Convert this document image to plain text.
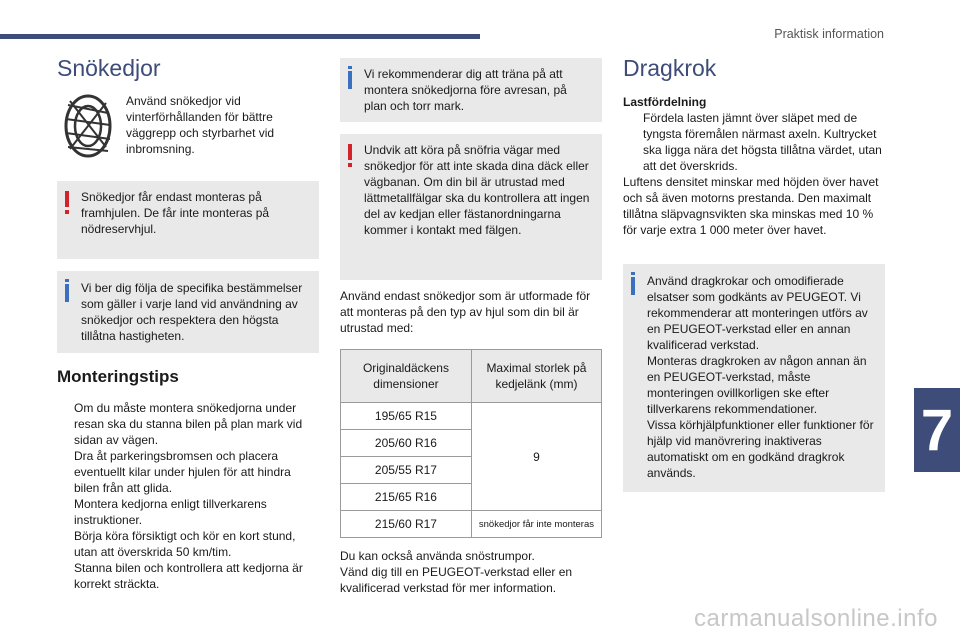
Praktisk information
7
carmanualsonline.info
Snökedjor

Använd snökedjor vid vinterförhållanden för bättre väggrepp och styrbarhet vid inbromsning.

Snökedjor får endast monteras på framhjulen. De får inte monteras på nödreservhjul.

Vi ber dig följa de specifika bestämmelser som gäller i varje land vid användning av snökedjor och respektera den högsta tillåtna hastigheten.

Monteringstips
Om du måste montera snökedjorna under resan ska du stanna bilen på plan mark vid sidan av vägen.
Dra åt parkeringsbromsen och placera eventuellt kilar under hjulen för att hindra bilen från att glida.
Montera kedjorna enligt tillverkarens instruktioner.
Börja köra försiktigt och kör en kort stund, utan att överskrida 50 km/tim.
Stanna bilen och kontrollera att kedjorna är korrekt sträckta.

Vi rekommenderar dig att träna på att montera snökedjorna före avresan, på plan och torr mark.

Undvik att köra på snöfria vägar med snökedjor för att inte skada dina däck eller vägbanan. Om din bil är utrustad med lättmetallfälgar ska du kontrollera att ingen del av kedjan eller fästanordningarna kommer i kontakt med fälgen.

Använd endast snökedjor som är utformade för att monteras på den typ av hjul som din bil är utrustad med:

Originaldäckens dimensioner	Maximal storlek på kedjelänk (mm)
195/65 R15	9
205/60 R16	
205/55 R17	
215/65 R16	
215/60 R17	snökedjor får inte monteras

Du kan också använda snöstrumpor.
Vänd dig till en PEUGEOT-verkstad eller en kvalificerad verkstad för mer information.

Dragkrok

Lastfördelning

Fördela lasten jämnt över släpet med de tyngsta föremålen närmast axeln. Kultrycket ska ligga nära det högsta tillåtna värdet, utan att det överskrids.

Luftens densitet minskar med höjden över havet och så även motorns prestanda. Den maximalt tillåtna släpvagnsvikten ska minskas med 10 % för varje extra 1 000 meter över havet.

Använd dragkrokar och omodifierade elsatser som godkänts av PEUGEOT. Vi rekommenderar att monteringen utförs av en PEUGEOT-verkstad eller en annan kvalificerad verkstad.
Monteras dragkroken av någon annan än en PEUGEOT-verkstad, måste monteringen ovillkorligen ske efter tillverkarens rekommendationer.
Vissa körhjälpfunktioner eller funktioner för hjälp vid manövrering inaktiveras automatiskt om en godkänd dragkrok används.
